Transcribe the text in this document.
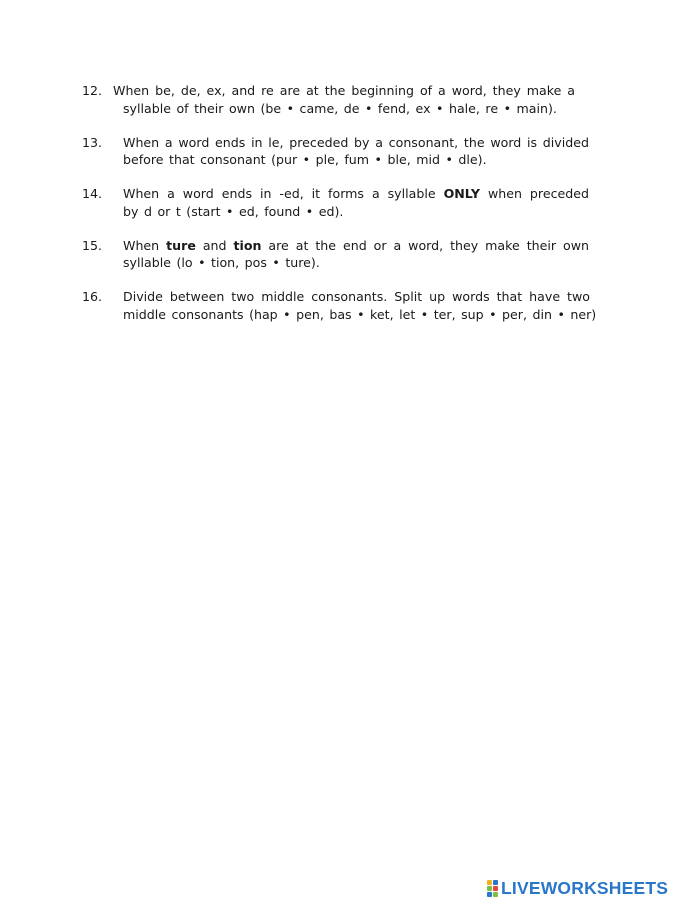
12. When be, de, ex, and re are at the beginning of a word, they make a
syllable of their own (be • came, de • fend, ex • hale, re • main).
13.	When a word ends in le, preceded by a consonant, the word is divided
before that consonant (pur • ple, fum • ble, mid • dle).
14.	When a word ends in -ed, it forms a syllable ONLY when preceded
by d or t (start • ed, found • ed).
15.	When ture and tion are at the end or a word, they make their own
syllable (lo • tion, pos • ture).
16.	Divide between two middle consonants. Split up words that have two
middle consonants (hap • pen, bas • ket, let • ter, sup • per, din • ner)
LIVEWORKSHEETS
